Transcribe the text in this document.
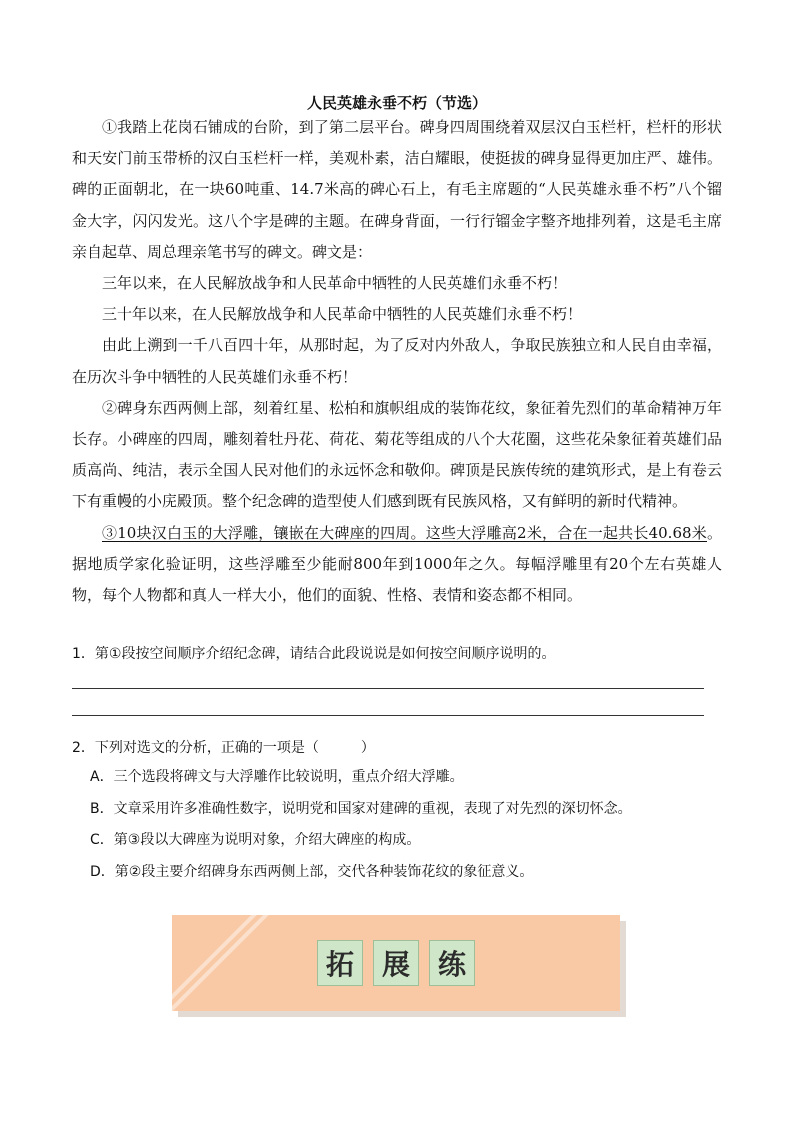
人民英雄永垂不朽（节选）

①我踏上花岗石铺成的台阶，到了第二层平台。碑身四周围绕着双层汉白玉栏杆，栏杆的形状和天安门前玉带桥的汉白玉栏杆一样，美观朴素，洁白耀眼，使挺拔的碑身显得更加庄严、雄伟。碑的正面朝北，在一块60吨重、14.7米高的碑心石上，有毛主席题的“人民英雄永垂不朽”八个镏金大字，闪闪发光。这八个字是碑的主题。在碑身背面，一行行镏金字整齐地排列着，这是毛主席亲自起草、周总理亲笔书写的碑文。碑文是：

三年以来，在人民解放战争和人民革命中牺牲的人民英雄们永垂不朽！

三十年以来，在人民解放战争和人民革命中牺牲的人民英雄们永垂不朽！

由此上溯到一千八百四十年，从那时起，为了反对内外敌人，争取民族独立和人民自由幸福，在历次斗争中牺牲的人民英雄们永垂不朽！

②碑身东西两侧上部，刻着红星、松柏和旗帜组成的装饰花纹，象征着先烈们的革命精神万年长存。小碑座的四周，雕刻着牡丹花、荷花、菊花等组成的八个大花圈，这些花朵象征着英雄们品质高尚、纯洁，表示全国人民对他们的永远怀念和敬仰。碑顶是民族传统的建筑形式，是上有卷云下有重幔的小庑殿顶。整个纪念碑的造型使人们感到既有民族风格，又有鲜明的新时代精神。

③10块汉白玉的大浮雕，镶嵌在大碑座的四周。这些大浮雕高2米，合在一起共长40.68米。据地质学家化验证明，这些浮雕至少能耐800年到1000年之久。每幅浮雕里有20个左右英雄人物，每个人物都和真人一样大小，他们的面貌、性格、表情和姿态都不相同。

1．第①段按空间顺序介绍纪念碑，请结合此段说说是如何按空间顺序说明的。

2．下列对选文的分析，正确的一项是（　　　）

A．三个选段将碑文与大浮雕作比较说明，重点介绍大浮雕。

B．文章采用许多准确性数字，说明党和国家对建碑的重视，表现了对先烈的深切怀念。

C．第③段以大碑座为说明对象，介绍大碑座的构成。

D．第②段主要介绍碑身东西两侧上部，交代各种装饰花纹的象征意义。

拓 展 练
